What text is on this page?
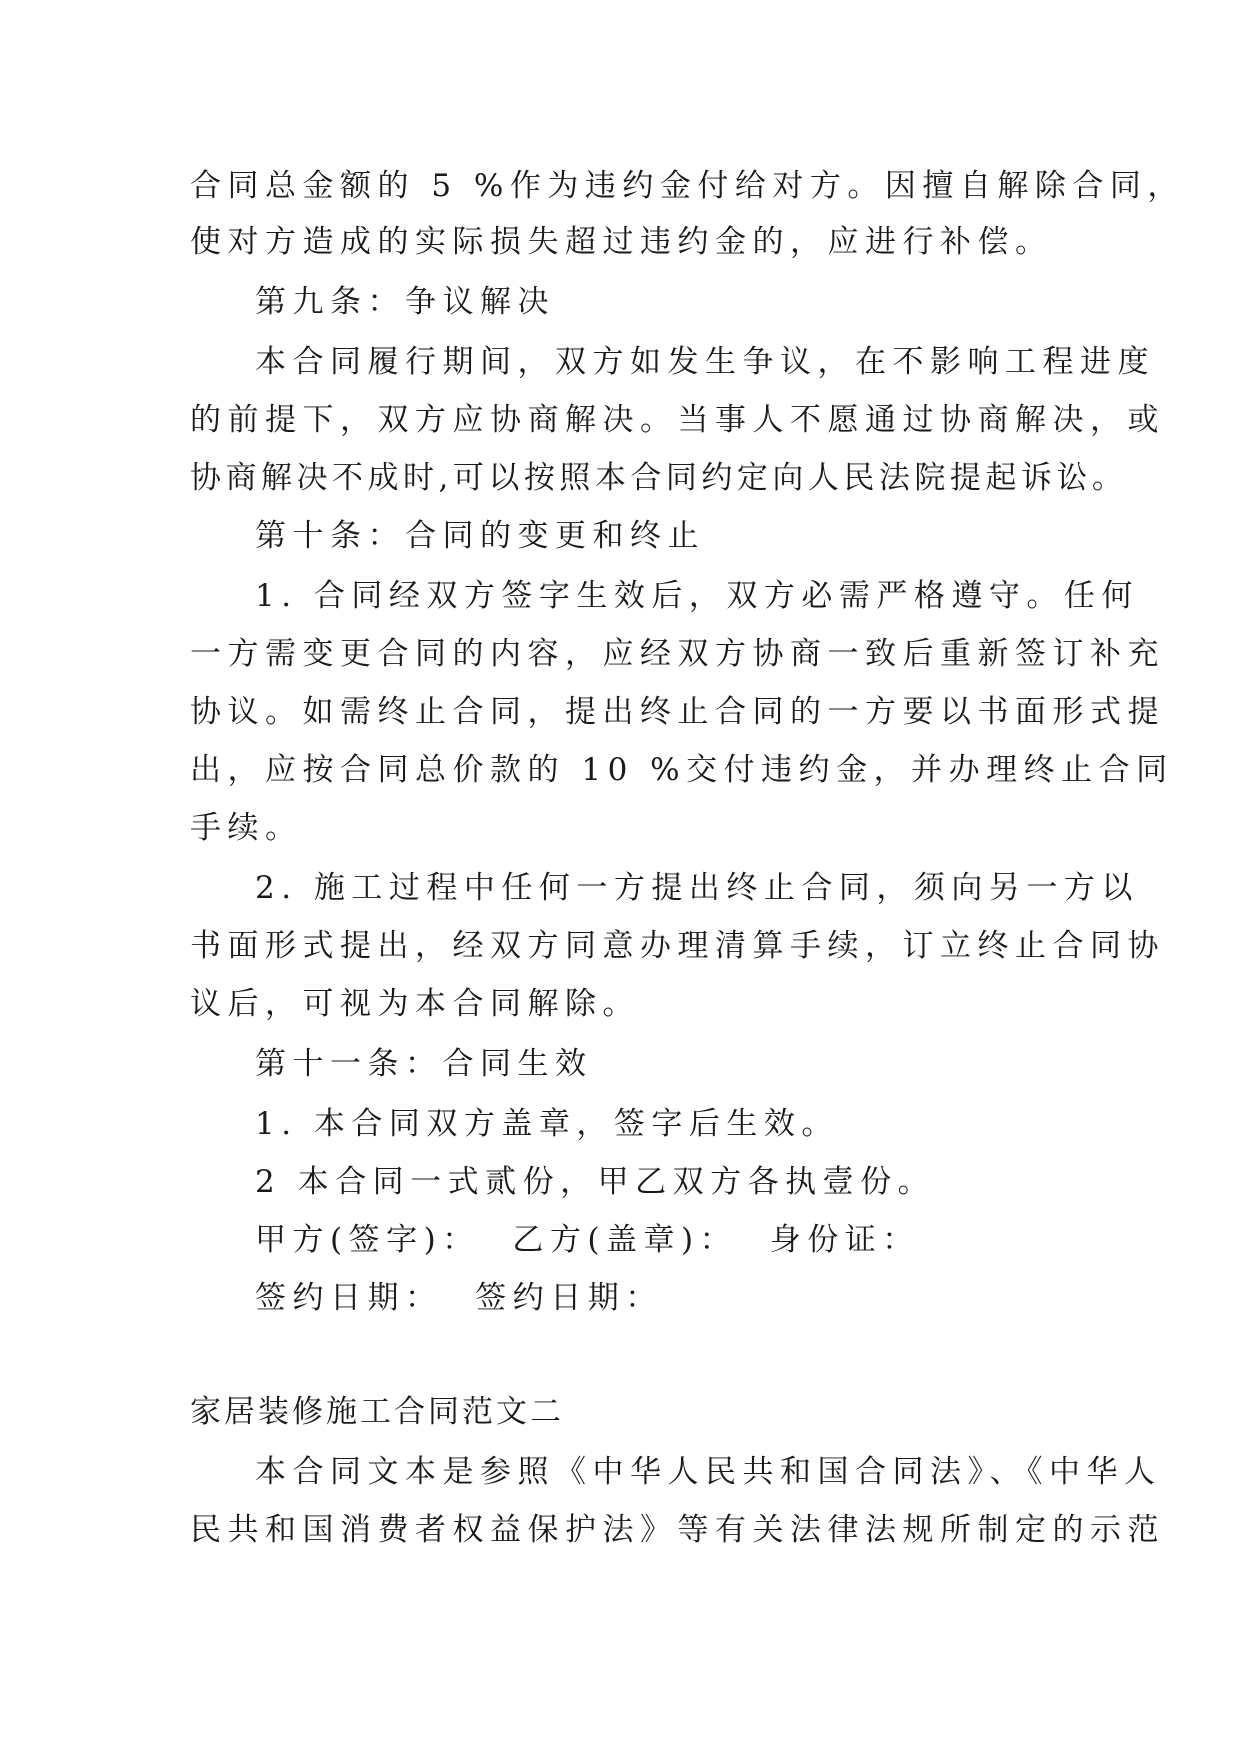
合同总金额的 5 %作为违约金付给对方。因擅自解除合同，
使对方造成的实际损失超过违约金的，应进行补偿。
第九条：争议解决
本合同履行期间，双方如发生争议，在不影响工程进度
的前提下，双方应协商解决。当事人不愿通过协商解决，或
协商解决不成时,可以按照本合同约定向人民法院提起诉讼。
第十条：合同的变更和终止
1. 合同经双方签字生效后，双方必需严格遵守。任何
一方需变更合同的内容，应经双方协商一致后重新签订补充
协议。如需终止合同，提出终止合同的一方要以书面形式提
出，应按合同总价款的 10 %交付违约金，并办理终止合同
手续。
2. 施工过程中任何一方提出终止合同，须向另一方以
书面形式提出，经双方同意办理清算手续，订立终止合同协
议后，可视为本合同解除。
第十一条：合同生效
1. 本合同双方盖章，签字后生效。
2 本合同一式贰份，甲乙双方各执壹份。
甲方(签字)：  乙方(盖章)：  身份证：
签约日期：  签约日期：
家居装修施工合同范文二
本合同文本是参照《中华人民共和国合同法》、《中华人
民共和国消费者权益保护法》等有关法律法规所制定的示范
